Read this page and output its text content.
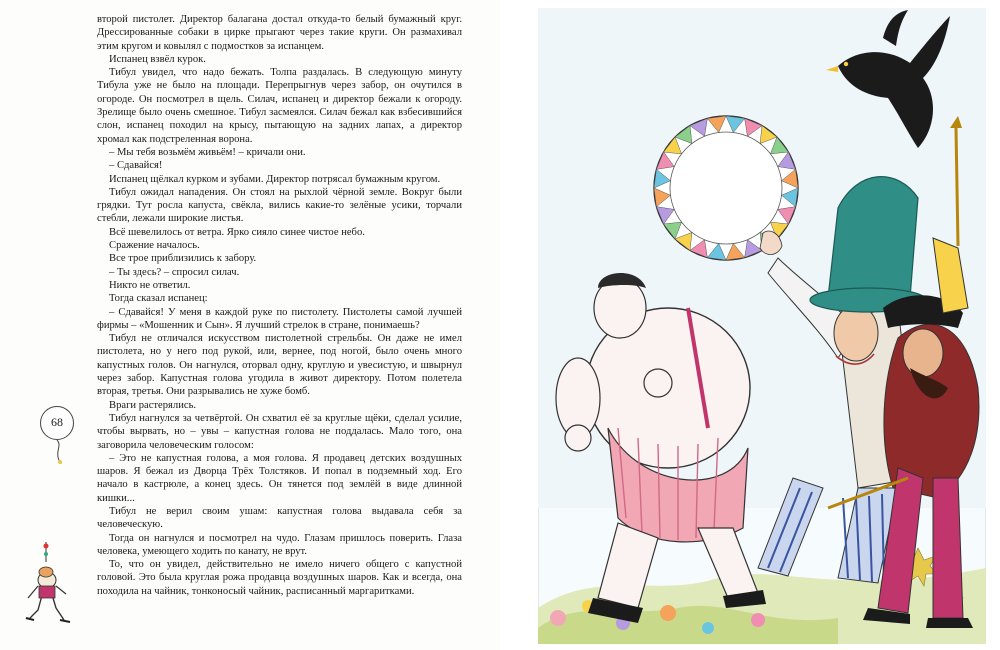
второй пистолет. Директор балагана достал откуда-то белый бумажный круг. Дрессированные собаки в цирке прыгают через такие круги. Он размахивал этим кругом и ковылял с подмостков за испанцем.

Испанец взвёл курок.

Тибул увидел, что надо бежать. Толпа раздалась. В следующую минуту Тибула уже не было на площади. Перепрыгнув через забор, он очутился в огороде. Он посмотрел в щель. Силач, испанец и директор бежали к огороду. Зрелище было очень смешное. Тибул засмеялся. Силач бежал как взбесившийся слон, испанец походил на крысу, пытающую на задних лапах, а директор хромал как подстреленная ворона.

– Мы тебя возьмём живьём! – кричали они.

– Сдавайся!

Испанец щёлкал курком и зубами. Директор потрясал бумажным кругом.

Тибул ожидал нападения. Он стоял на рыхлой чёрной земле. Вокруг были грядки. Тут росла капуста, свёкла, вились какие-то зелёные усики, торчали стебли, лежали широкие листья.

Всё шевелилось от ветра. Ярко сияло синее чистое небо.

Сражение началось.

Все трое приблизились к забору.

– Ты здесь? – спросил силач.

Никто не ответил.

Тогда сказал испанец:

– Сдавайся! У меня в каждой руке по пистолету. Пистолеты самой лучшей фирмы – «Мошенник и Сын». Я лучший стрелок в стране, понимаешь?

Тибул не отличался искусством пистолетной стрельбы. Он даже не имел пистолета, но у него под рукой, или, вернее, под ногой, было очень много капустных голов. Он нагнулся, оторвал одну, круглую и увесистую, и швырнул через забор. Капустная голова угодила в живот директору. Потом полетела вторая, третья. Они разрывались не хуже бомб.

Враги растерялись.

Тибул нагнулся за четвёртой. Он схватил её за круглые щёки, сделал усилие, чтобы вырвать, но – увы – капустная голова не поддалась. Мало того, она заговорила человеческим голосом:

– Это не капустная голова, а моя голова. Я продавец детских воздушных шаров. Я бежал из Дворца Трёх Толстяков. И попал в подземный ход. Его начало в кастрюле, а конец здесь. Он тянется под землёй в виде длинной кишки...

Тибул не верил своим ушам: капустная голова выдавала себя за человеческую.

Тогда он нагнулся и посмотрел на чудо. Глазам пришлось поверить. Глаза человека, умеющего ходить по канату, не врут.

То, что он увидел, действительно не имело ничего общего с капустной головой. Это была круглая рожа продавца воздушных шаров. Как и всегда, она походила на чайник, тонконосый чайник, расписанный маргаритками.

68
